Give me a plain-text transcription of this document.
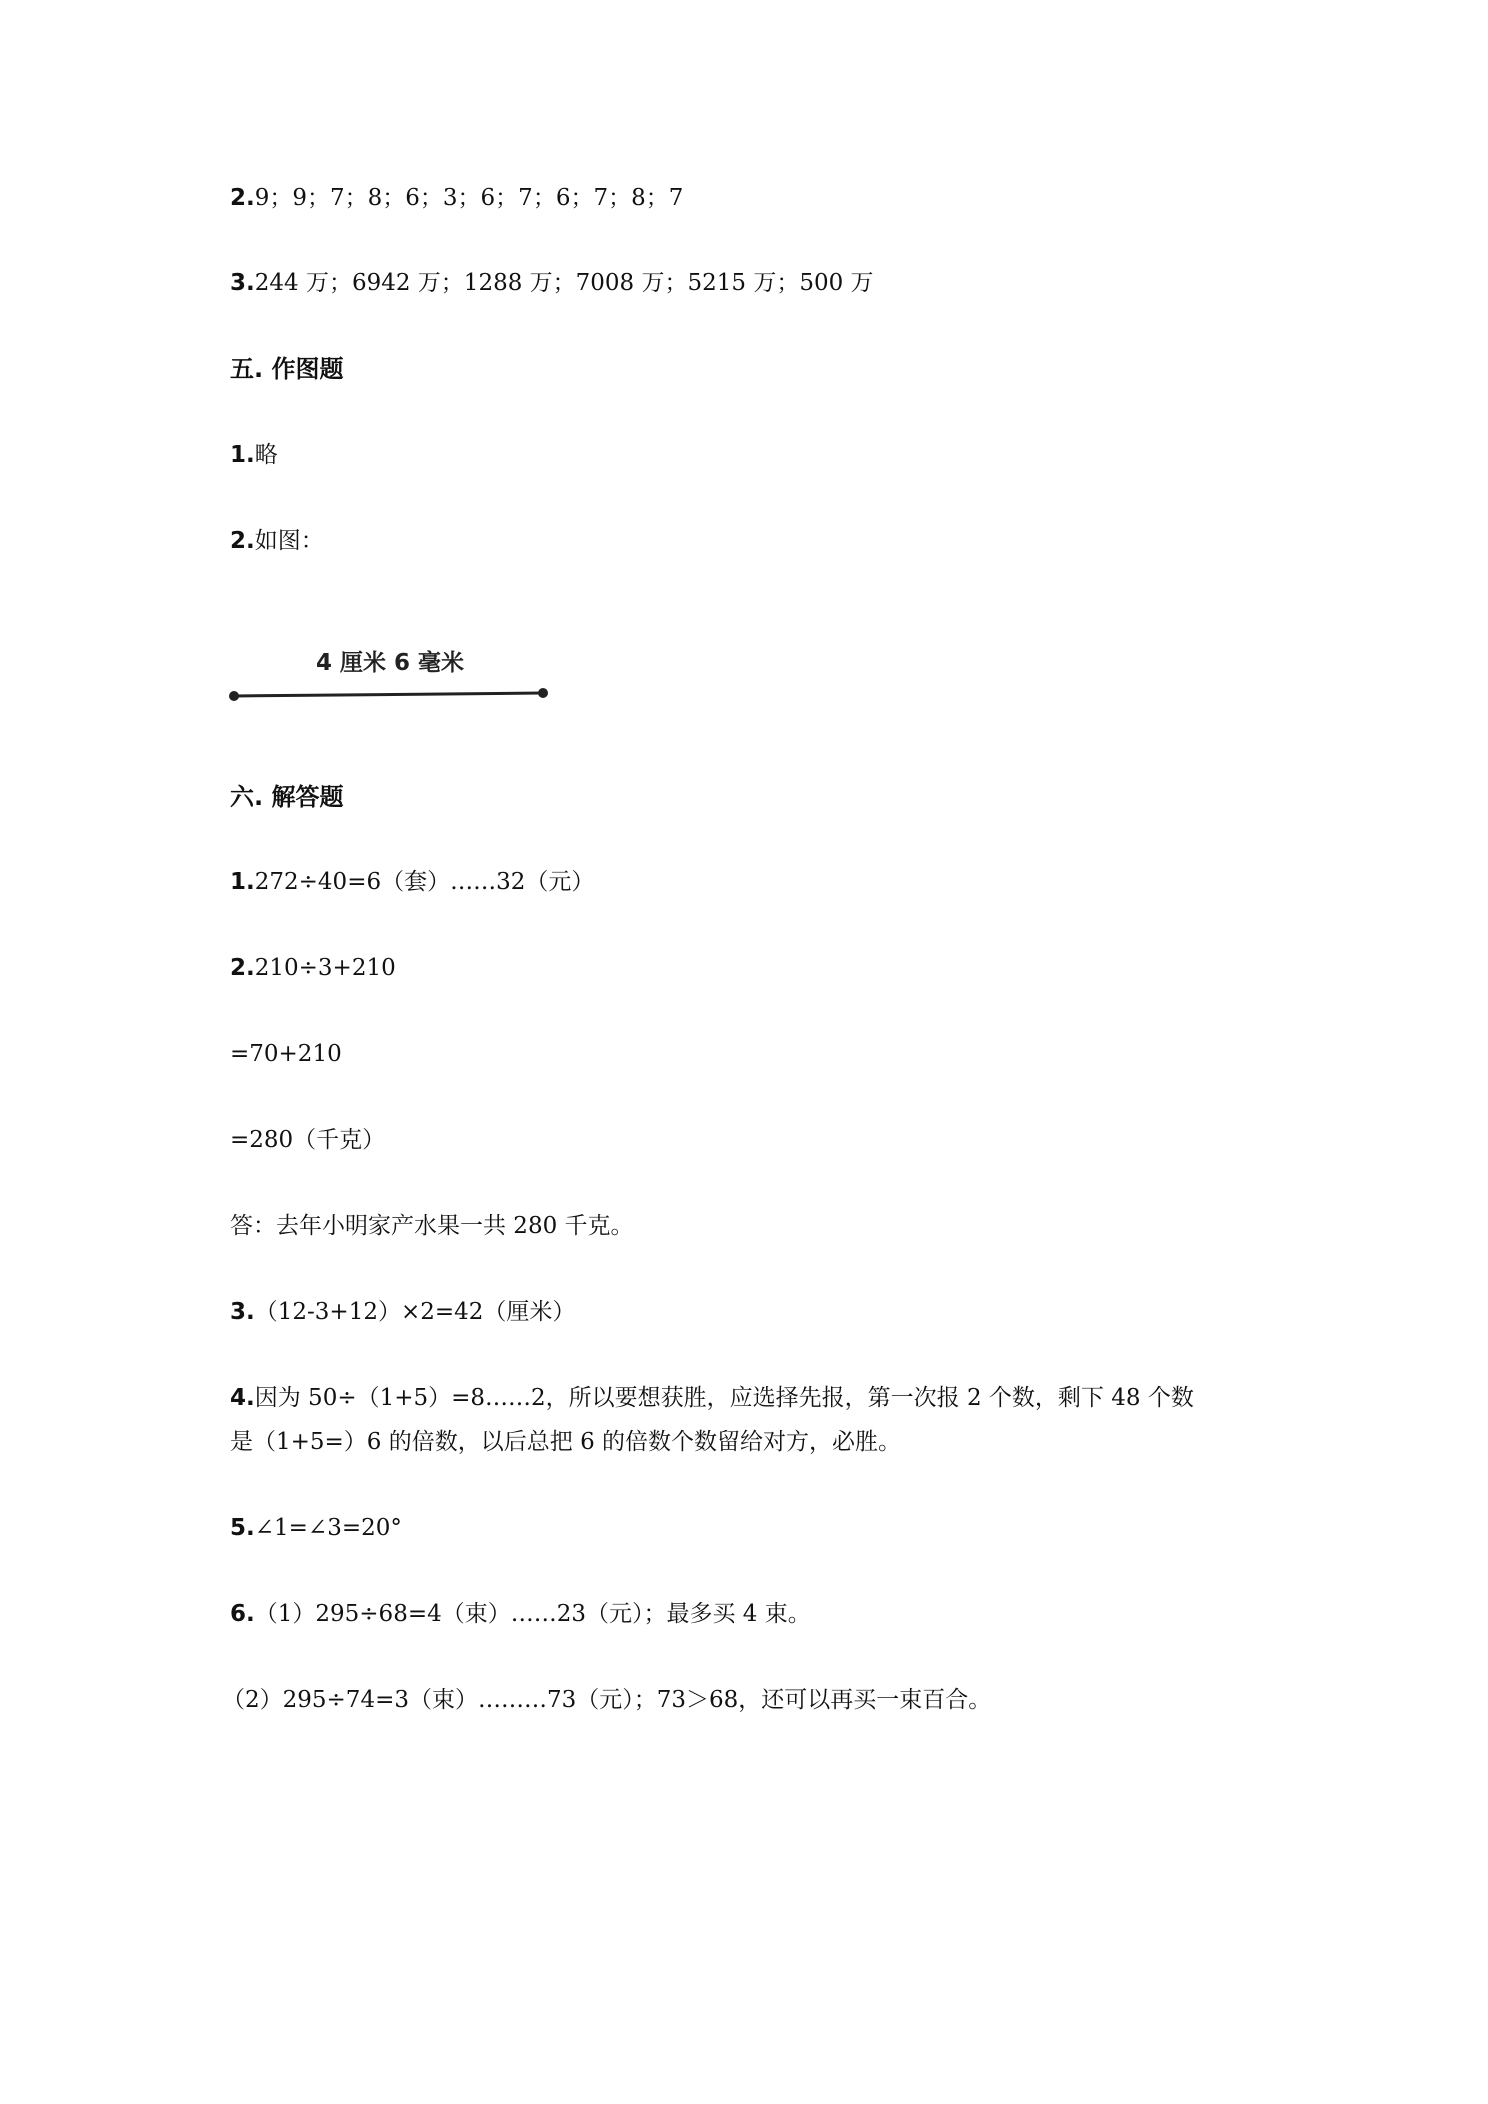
2.9；9；7；8；6；3；6；7；6；7；8；7
3.244 万；6942 万；1288 万；7008 万；5215 万；500 万
五. 作图题
1.略
2.如图：
4 厘米 6 毫米
六. 解答题
1.272÷40=6（套）……32（元）
2.210÷3+210
=70+210
=280（千克）
答：去年小明家产水果一共 280 千克。
3.（12-3+12）×2=42（厘米）
4.因为 50÷（1+5）=8……2，所以要想获胜，应选择先报，第一次报 2 个数，剩下 48 个数
是（1+5=）6 的倍数，以后总把 6 的倍数个数留给对方，必胜。
5.∠1=∠3=20°
6.（1）295÷68=4（束）……23（元）；最多买 4 束。
（2）295÷74=3（束）………73（元）；73＞68，还可以再买一束百合。
